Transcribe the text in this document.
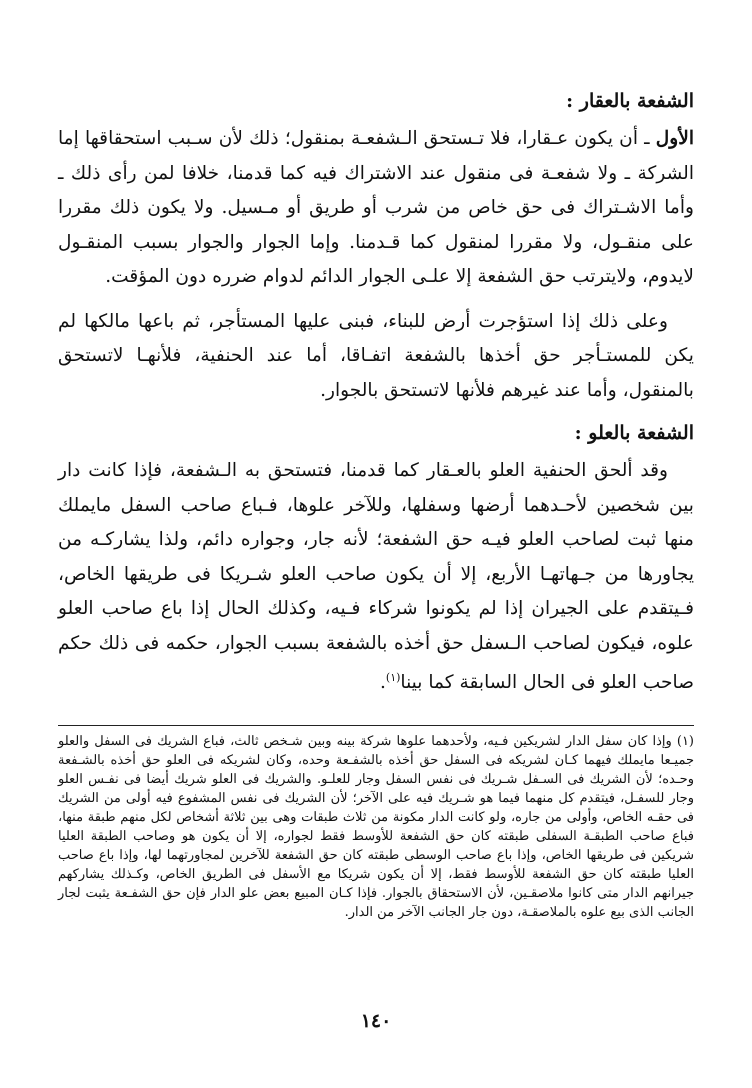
الشفعة بالعقار :

الأول ـ أن يكون عـقارا، فلا تـستحق الـشفعـة بمنقول؛ ذلك لأن سـبب استحقاقها إما الشركة ـ ولا شفعـة فى منقول عند الاشتراك فيه كما قدمنا، خلافا لمن رأى ذلك ـ وأما الاشـتراك فى حق خاص من شرب أو طريق أو مـسيل. ولا يكون ذلك مقررا على منقـول، ولا مقررا لمنقول كما قـدمنا. وإما الجوار والجوار بسبب المنقـول لايدوم، ولايترتب حق الشفعة إلا علـى الجوار الدائم لدوام ضرره دون المؤقت.

وعلى ذلك إذا استؤجرت أرض للبناء، فبنى عليها المستأجر، ثم باعها مالكها لم يكن للمستـأجر حق أخذها بالشفعة اتفـاقا، أما عند الحنفية، فلأنهـا لاتستحق بالمنقول، وأما عند غيرهم فلأنها لاتستحق بالجوار.

الشفعة بالعلو :

وقد ألحق الحنفية العلو بالعـقار كما قدمنا، فتستحق به الـشفعة، فإذا كانت دار بين شخصين لأحـدهما أرضها وسفلها، وللآخر علوها، فـباع صاحب السفل مايملك منها ثبت لصاحب العلو فيـه حق الشفعة؛ لأنه جار، وجواره دائم، ولذا يشاركـه من يجاورها من جـهاتهـا الأربع، إلا أن يكون صاحب العلو شـريكا فى طريقها الخاص، فـيتقدم على الجيران إذا لم يكونوا شركاء فـيه، وكذلك الحال إذا باع صاحب العلو علوه، فيكون لصاحب الـسفل حق أخذه بالشفعة بسبب الجوار، حكمه فى ذلك حكم صاحب العلو فى الحال السابقة كما بينا$^{(١)}$.

(١) وإذا كان سفل الدار لشريكين فـيه، ولأحدهما علوها شركة بينه وبين شـخص ثالث، فباع الشريك فى السفل والعلو جميـعا مايملك فيهما كـان لشريكه فى السفل حق أخذه بالشفـعة وحده، وكان لشريكه فى العلو حق أخذه بالشـفعة وحـده؛ لأن الشريك فى السـفل شـريك فى نفس السفل وجار للعلـو. والشريك فى العلو شريك أيضا فى نفـس العلو وجار للسفـل، فيتقدم كل منهما فيما هو شـريك فيه على الآخر؛ لأن الشريك فى نفس المشفوع فيه أولى من الشريك فى حقـه الخاص، وأولى من جاره، ولو كانت الدار مكونة من ثلاث طبقات وهى بين ثلاثة أشخاص لكل منهم طبقة منها، فباع صاحب الطبقـة السفلى طبقته كان حق الشفعة للأوسط فقط لجواره، إلا أن يكون هو وصاحب الطبقة العليا شريكين فى طريقها الخاص، وإذا باع صاحب الوسطى طبقته كان حق الشفعة للآخرين لمجاورتهما لها، وإذا باع صاحب العليا طبقته كان حق الشفعة للأوسط فقط، إلا أن يكون شريكا مع الأسفل فى الطريق الخاص، وكـذلك يشاركهم جيرانهم الدار متى كانوا ملاصقـين، لأن الاستحقاق بالجوار. فإذا كـان المبيع بعض علو الدار فإن حق الشفـعة يثبت لجار الجانب الذى بيع علوه بالملاصقـة، دون جار الجانب الآخر من الدار.
١٤٠
